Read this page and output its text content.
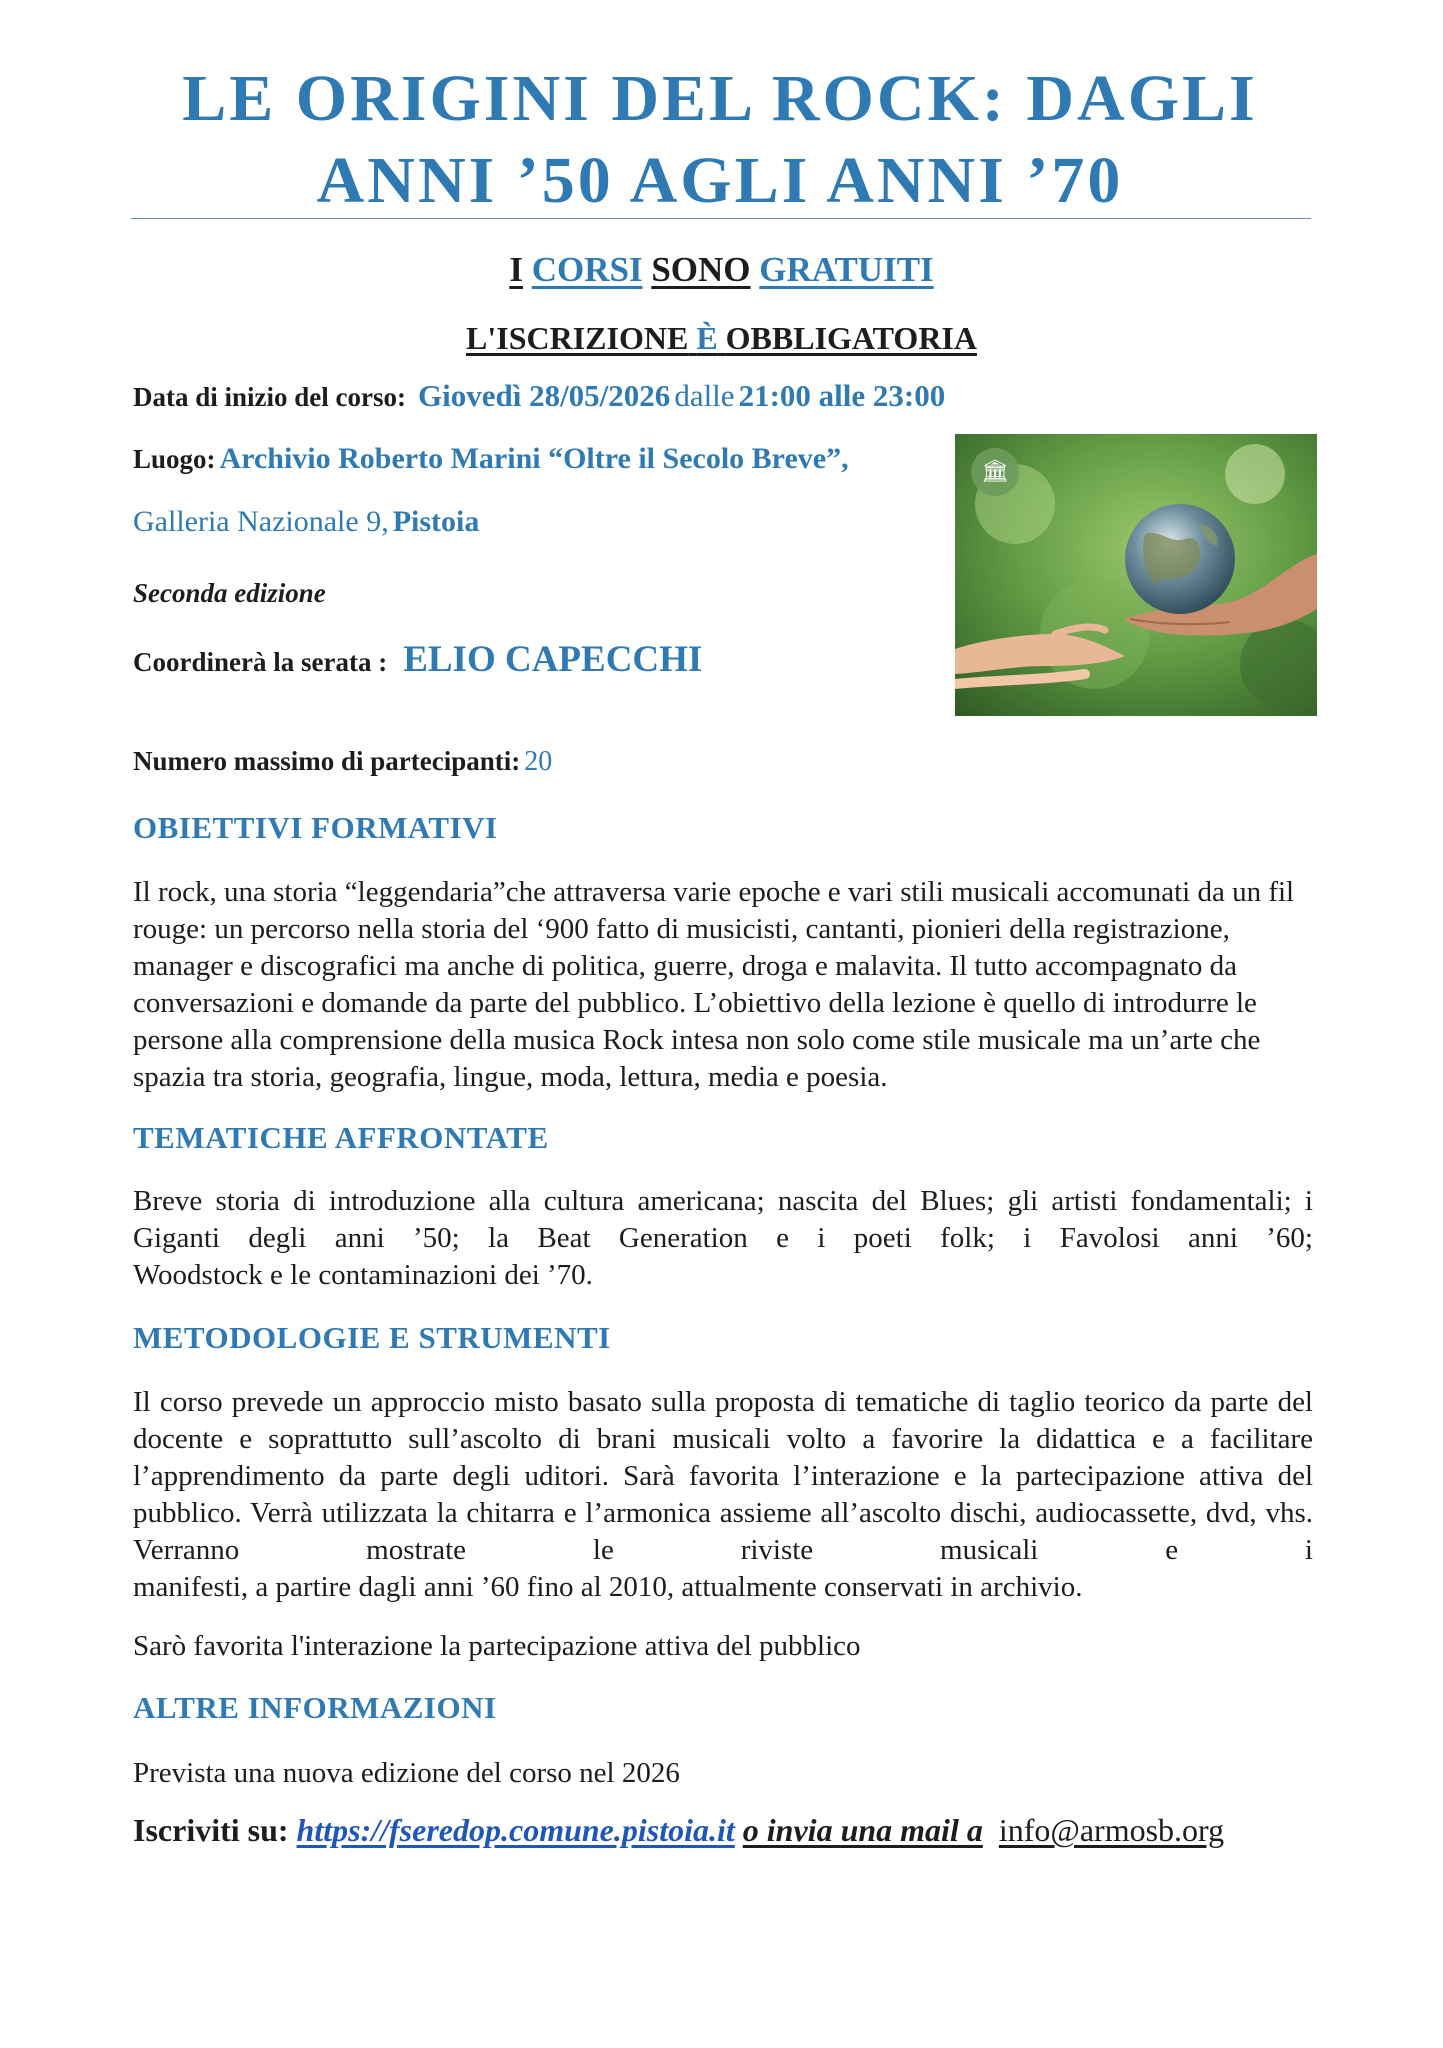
LE ORIGINI DEL ROCK: DAGLI
ANNI ’50 AGLI ANNI ’70
I CORSI SONO GRATUITI
L'ISCRIZIONE È OBBLIGATORIA
Data di inizio del corso: Giovedì 28/05/2026 dalle 21:00 alle 23:00
Luogo: Archivio Roberto Marini “Oltre il Secolo Breve”,
Galleria Nazionale 9, Pistoia
Seconda edizione
Coordinerà la serata : ELIO CAPECCHI
🏛
Numero massimo di partecipanti: 20
OBIETTIVI FORMATIVI
Il rock, una storia “leggendaria”che attraversa varie epoche e vari stili musicali accomunati da un fil rouge: un percorso nella storia del ‘900 fatto di musicisti, cantanti, pionieri della registrazione, manager e discografici ma anche di politica, guerre, droga e malavita. Il tutto accompagnato da conversazioni e domande da parte del pubblico. L’obiettivo della lezione è quello di introdurre le persone alla comprensione della musica Rock intesa non solo come stile musicale ma un’arte che spazia tra storia, geografia, lingue, moda, lettura, media e poesia.
TEMATICHE AFFRONTATE
Breve storia di introduzione alla cultura americana; nascita del Blues; gli artisti fondamentali; i Giganti degli anni ’50; la Beat Generation e i poeti folk; i Favolosi anni ’60;
Woodstock e le contaminazioni dei ’70.
METODOLOGIE E STRUMENTI
Il corso prevede un approccio misto basato sulla proposta di tematiche di taglio teorico da parte del docente e soprattutto sull’ascolto di brani musicali volto a favorire la didattica e a facilitare l’apprendimento da parte degli uditori. Sarà favorita l’interazione e la partecipazione attiva del pubblico. Verrà utilizzata la chitarra e l’armonica assieme all’ascolto dischi, audiocassette, dvd, vhs. Verranno mostrate le riviste musicali e i
manifesti, a partire dagli anni ’60 fino al 2010, attualmente conservati in archivio.
Sarò favorita l'interazione la partecipazione attiva del pubblico
ALTRE INFORMAZIONI
Prevista una nuova edizione del corso nel 2026
Iscriviti su: https://fseredop.comune.pistoia.it o invia una mail a info@armosb.org
